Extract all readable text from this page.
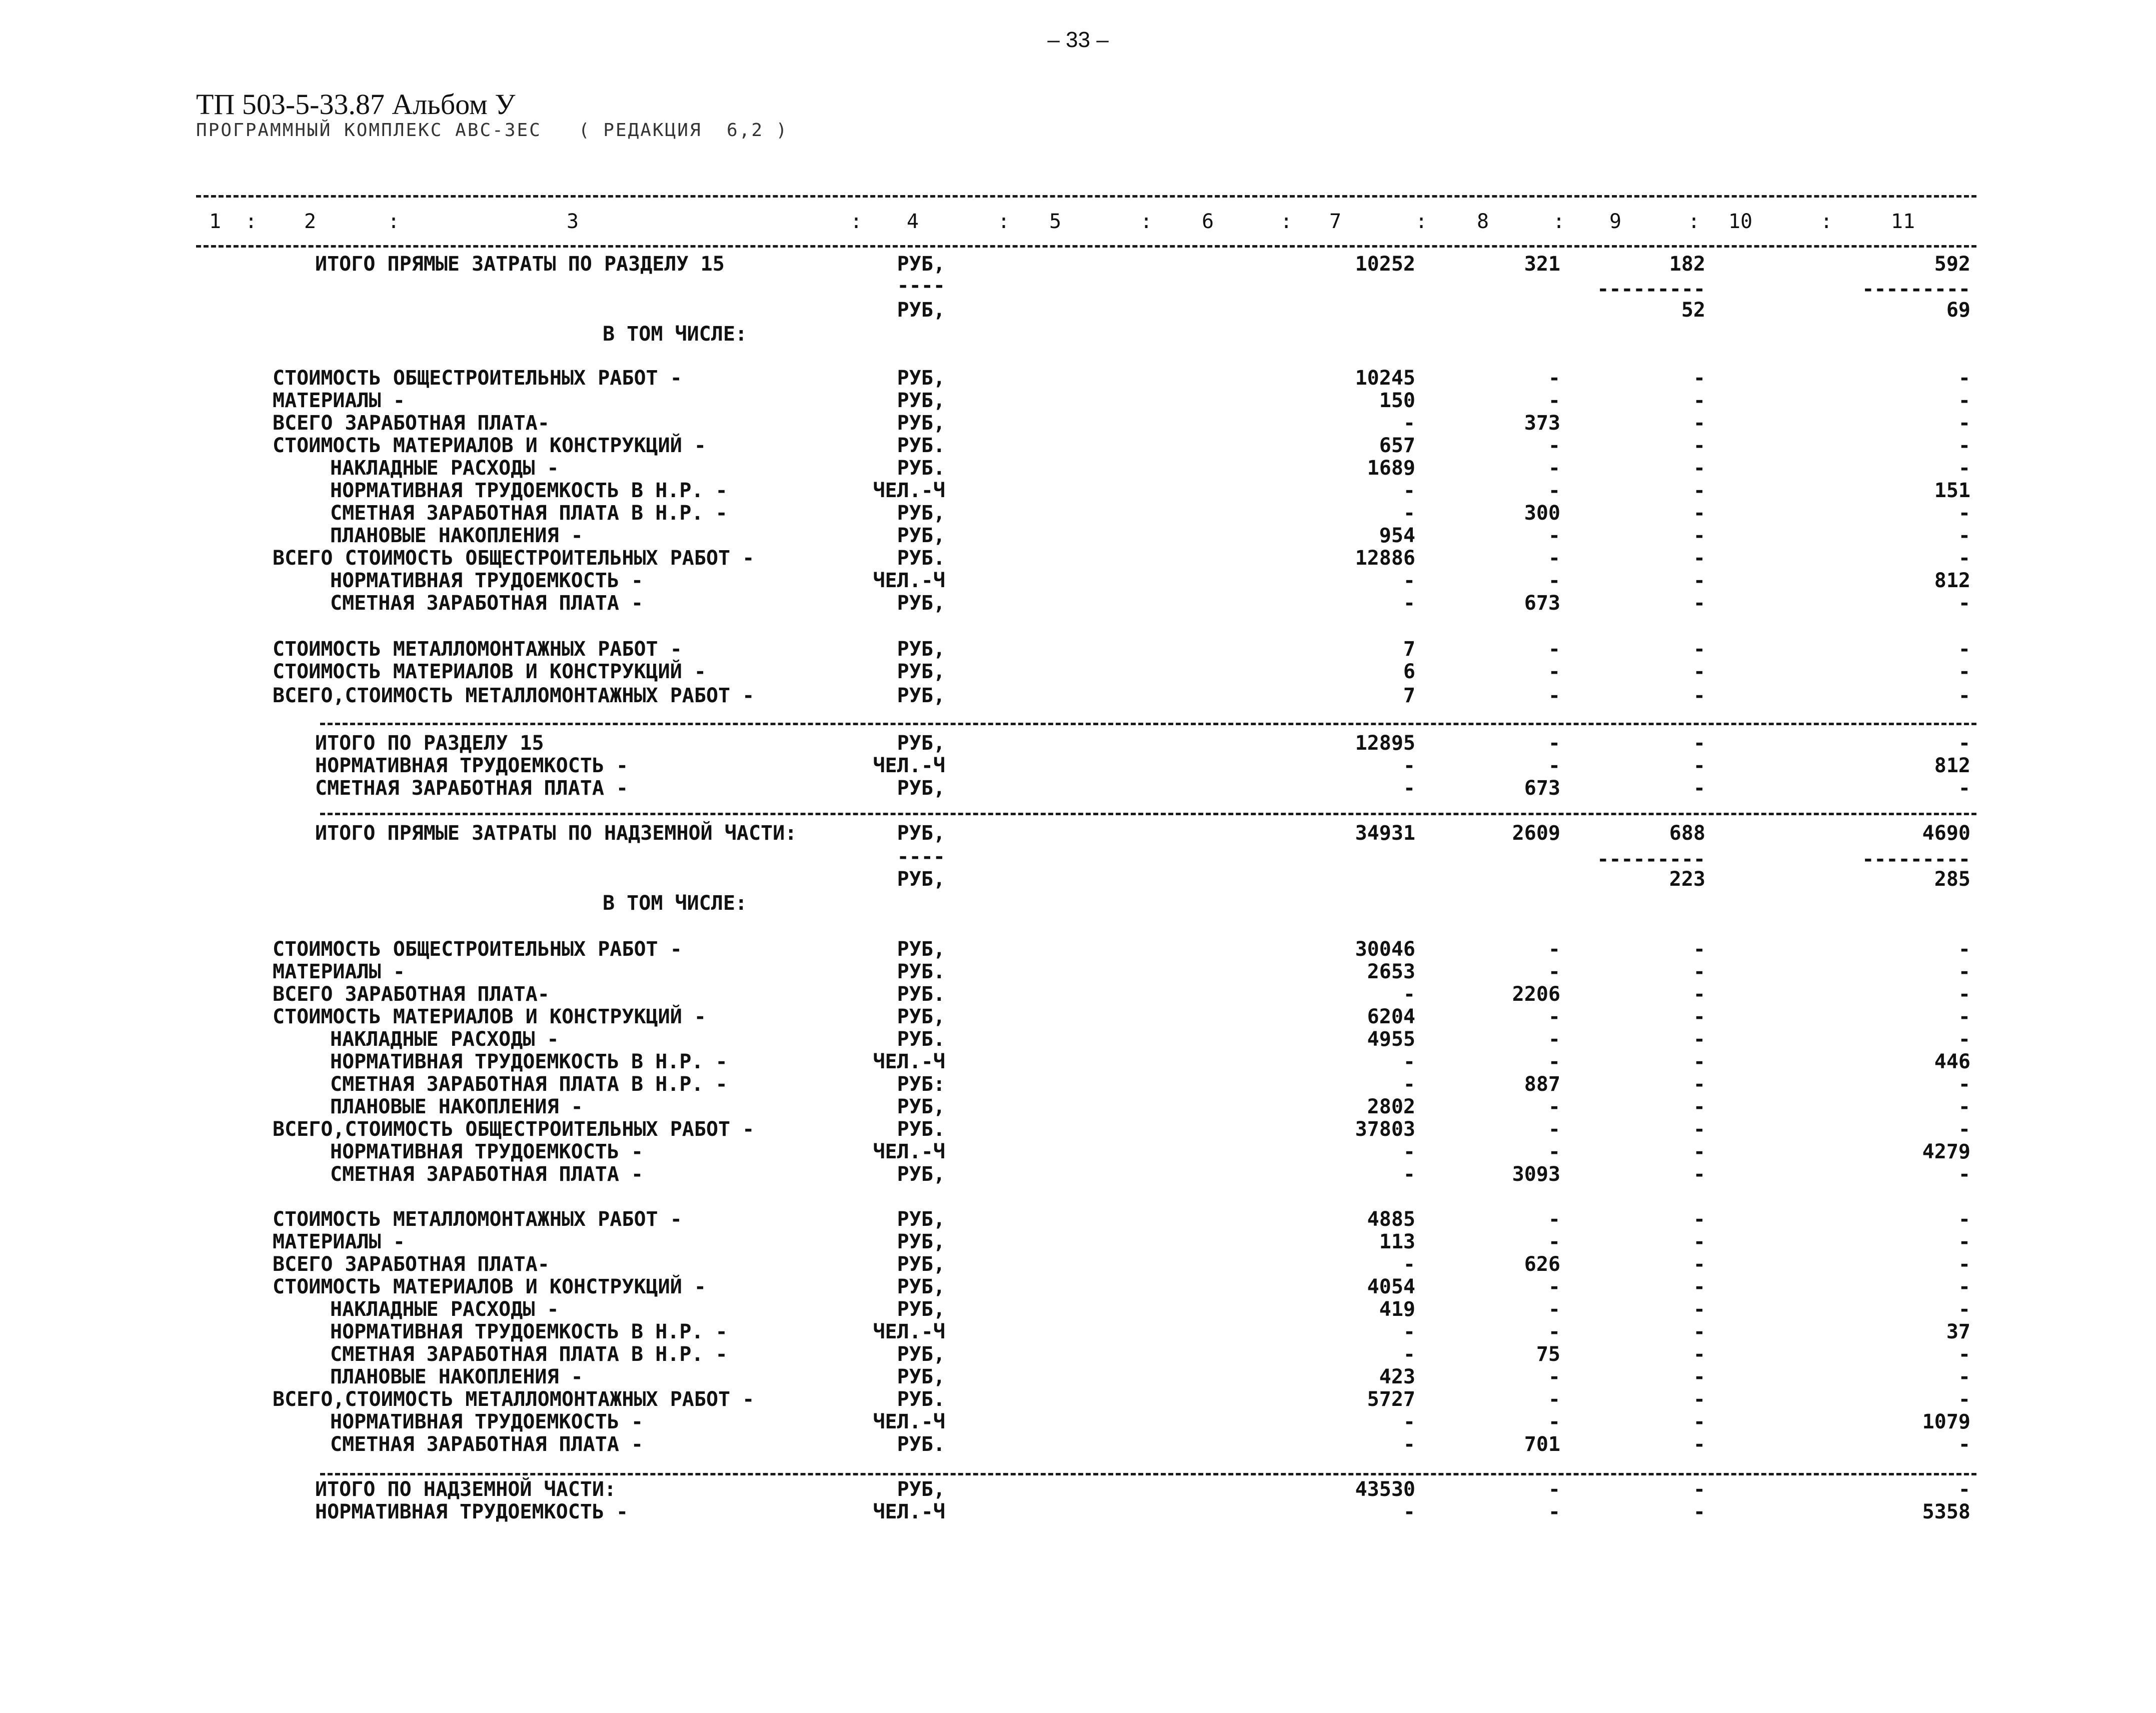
– 33 –
ТП 503-5-33.87 Альбом У
ПРОГРАММНЫЙ КОМПЛЕКС АВС-ЗЕС   ( РЕДАКЦИЯ  6,2 )
1	2	3	4	5	6	7	8	9	10	11
:	:	:	:	:	:	:	:	:	:
ИТОГО ПРЯМЫЕ ЗАТРАТЫ ПО РАЗДЕЛУ 15	РУБ,	10252	321	182	592
РУБ,	52	69
В ТОМ ЧИСЛЕ:
СТОИМОСТЬ ОБЩЕСТРОИТЕЛЬНЫХ РАБОТ -	РУБ,	10245	-	-	-
МАТЕРИАЛЫ -	РУБ,	150	-	-	-
ВСЕГО ЗАРАБОТНАЯ ПЛАТА-	РУБ,	-	373	-	-
СТОИМОСТЬ МАТЕРИАЛОВ И КОНСТРУКЦИЙ -	РУБ.	657	-	-	-
НАКЛАДНЫЕ РАСХОДЫ -	РУБ.	1689	-	-	-
НОРМАТИВНАЯ ТРУДОЕМКОСТЬ В Н.Р. -	ЧЕЛ.-Ч	-	-	-	151
СМЕТНАЯ ЗАРАБОТНАЯ ПЛАТА В Н.Р. -	РУБ,	-	300	-	-
ПЛАНОВЫЕ НАКОПЛЕНИЯ -	РУБ,	954	-	-	-
ВСЕГО СТОИМОСТЬ ОБЩЕСТРОИТЕЛЬНЫХ РАБОТ -	РУБ.	12886	-	-	-
НОРМАТИВНАЯ ТРУДОЕМКОСТЬ -	ЧЕЛ.-Ч	-	-	-	812
СМЕТНАЯ ЗАРАБОТНАЯ ПЛАТА -	РУБ,	-	673	-	-
СТОИМОСТЬ МЕТАЛЛОМОНТАЖНЫХ РАБОТ -	РУБ,	7	-	-	-
СТОИМОСТЬ МАТЕРИАЛОВ И КОНСТРУКЦИЙ -	РУБ,	6	-	-	-
ВСЕГО,СТОИМОСТЬ МЕТАЛЛОМОНТАЖНЫХ РАБОТ -	РУБ,	7	-	-	-
ИТОГО ПО РАЗДЕЛУ 15	РУБ,	12895	-	-	-
НОРМАТИВНАЯ ТРУДОЕМКОСТЬ -	ЧЕЛ.-Ч	-	-	-	812
СМЕТНАЯ ЗАРАБОТНАЯ ПЛАТА -	РУБ,	-	673	-	-
ИТОГО ПРЯМЫЕ ЗАТРАТЫ ПО НАДЗЕМНОЙ ЧАСТИ:	РУБ,	34931	2609	688	4690
РУБ,	223	285
В ТОМ ЧИСЛЕ:
СТОИМОСТЬ ОБЩЕСТРОИТЕЛЬНЫХ РАБОТ -	РУБ,	30046	-	-	-
МАТЕРИАЛЫ -	РУБ.	2653	-	-	-
ВСЕГО ЗАРАБОТНАЯ ПЛАТА-	РУБ.	-	2206	-	-
СТОИМОСТЬ МАТЕРИАЛОВ И КОНСТРУКЦИЙ -	РУБ,	6204	-	-	-
НАКЛАДНЫЕ РАСХОДЫ -	РУБ.	4955	-	-	-
НОРМАТИВНАЯ ТРУДОЕМКОСТЬ В Н.Р. -	ЧЕЛ.-Ч	-	-	-	446
СМЕТНАЯ ЗАРАБОТНАЯ ПЛАТА В Н.Р. -	РУБ:	-	887	-	-
ПЛАНОВЫЕ НАКОПЛЕНИЯ -	РУБ,	2802	-	-	-
ВСЕГО,СТОИМОСТЬ ОБЩЕСТРОИТЕЛЬНЫХ РАБОТ -	РУБ.	37803	-	-	-
НОРМАТИВНАЯ ТРУДОЕМКОСТЬ -	ЧЕЛ.-Ч	-	-	-	4279
СМЕТНАЯ ЗАРАБОТНАЯ ПЛАТА -	РУБ,	-	3093	-	-
СТОИМОСТЬ МЕТАЛЛОМОНТАЖНЫХ РАБОТ -	РУБ,	4885	-	-	-
МАТЕРИАЛЫ -	РУБ,	113	-	-	-
ВСЕГО ЗАРАБОТНАЯ ПЛАТА-	РУБ,	-	626	-	-
СТОИМОСТЬ МАТЕРИАЛОВ И КОНСТРУКЦИЙ -	РУБ,	4054	-	-	-
НАКЛАДНЫЕ РАСХОДЫ -	РУБ,	419	-	-	-
НОРМАТИВНАЯ ТРУДОЕМКОСТЬ В Н.Р. -	ЧЕЛ.-Ч	-	-	-	37
СМЕТНАЯ ЗАРАБОТНАЯ ПЛАТА В Н.Р. -	РУБ,	-	75	-	-
ПЛАНОВЫЕ НАКОПЛЕНИЯ -	РУБ,	423	-	-	-
ВСЕГО,СТОИМОСТЬ МЕТАЛЛОМОНТАЖНЫХ РАБОТ -	РУБ.	5727	-	-	-
НОРМАТИВНАЯ ТРУДОЕМКОСТЬ -	ЧЕЛ.-Ч	-	-	-	1079
СМЕТНАЯ ЗАРАБОТНАЯ ПЛАТА -	РУБ.	-	701	-	-
ИТОГО ПО НАДЗЕМНОЙ ЧАСТИ:	РУБ,	43530	-	-	-
НОРМАТИВНАЯ ТРУДОЕМКОСТЬ -	ЧЕЛ.-Ч	-	-	-	5358
----	---------	---------
----	---------	---------
